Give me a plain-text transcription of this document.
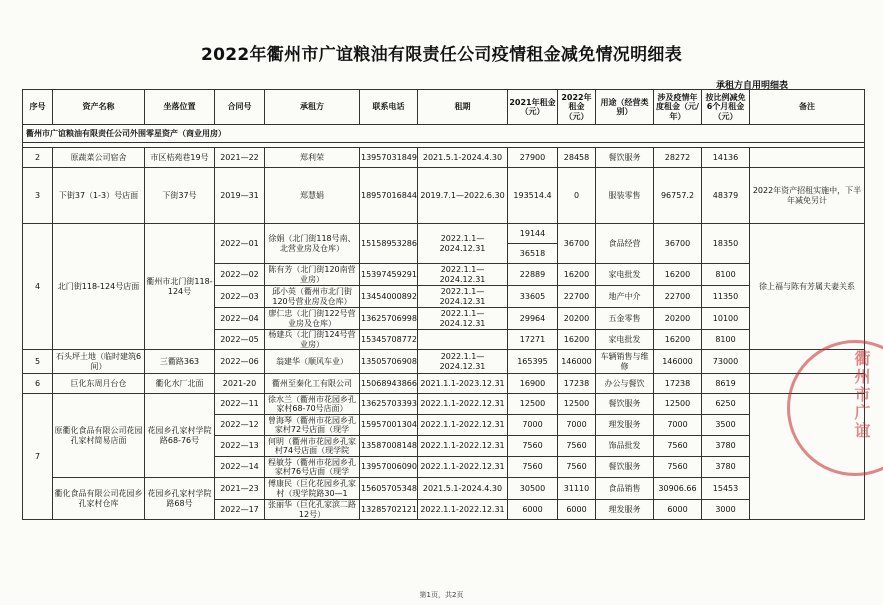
2022年衢州市广谊粮油有限责任公司疫情租金减免情况明细表
承租方自用明细表
序号	资产名称	坐落位置	合同号	承租方	联系电话	租期	2021年租金（元）	2022年租金（元）	用途（经营类别）	涉及疫情年度租金（元/年）	按比例减免6个月租金（元）	备注
衢州市广谊粮油有限责任公司外围零星资产（商业用房）												

2	原蔬菜公司宿舍	市区桔苑巷19号	2021—22	郑利荣	13957031849	2021.5.1-2024.4.30	27900	28458	餐饮服务	28272	14136	
3	下街37（1-3）号店面	下街37号	2019—31	郑慧娟	18957016844	2019.7.1—2022.6.30	193514.4	0	服装零售	96757.2	48379	2022年资产招租实施中，下半年减免另计
4	北门街118-124号店面	衢州市北门街118-124号	2022—01	徐娟（北门街118号南、北营业房及仓库）	15158953286	2022.1.1—2024.12.31	19144	36700	食品经营	36700	18350	徐上福与陈有芳属夫妻关系
							36518					
			2022—02	陈有芳（北门街120南营业房）	15397459291	2022.1.1—2024.12.31	22889	16200	家电批发	16200	8100	
			2022—03	邱小英（衢州市北门街120号营业房及仓库）	13454000892	2022.1.1—2024.12.31	33605	22700	地产中介	22700	11350	
			2022—04	廖仁忠（北门街122号营业房及仓库）	13625706998	2022.1.1—2024.12.31	29964	20200	五金零售	20200	10100	
			2022—05	杨建兵（北门街124号营业房）	15345708772		17271	16200	家电批发	16200	8100	
5	石头坪土地（临时建筑6间）	三衢路363	2022—06	翁建华（顺风车业）	13505706908	2022.1.1—2024.12.31	165395	146000	车辆销售与维修	146000	73000	
6	巨化东周月台仓	衢化水厂北面	2021-20	衢州至秦化工有限公司	15068943866	2021.1.1-2023.12.31	16900	17238	办公与餐饮	17238	8619	
7	原衢化食品有限公司花园孔家村简易店面	花园乡孔家村学院路68-76号	2022—11	徐水兰（衢州市花园乡孔家村68-70号店面）	13625703393	2022.1.1-2022.12.31	12500	12500	餐饮服务	12500	6250	
			2022—12	曾海琴（衢州市花园乡孔家村72号店面（现学	15957001304	2022.1.1-2022.12.31	7000	7000	理发服务	7000	3500	
			2022—13	何明（衢州市花园乡孔家村74号店面（现学院	13587008148	2022.1.1-2022.12.31	7560	7560	饰品批发	7560	3780	
			2022—14	程敏芬（衢州市花园乡孔家村76号店面（现学	13957006090	2022.1.1-2022.12.31	7560	7560	餐饮服务	7560	3780	
	衢化食品有限公司花园乡孔家村仓库	花园乡孔家村学院路68号	2021—23	傅康民（巨化花园乡孔家村（现学院路30—1	15605705348	2021.5.1-2024.4.30	30500	31110	食品销售	30906.66	15453	
			2022—17	张丽华（巨化孔家滨二路12号）	13285702121	2022.1.1-2022.12.31	6000	6000	理发服务	6000	3000	
衢州市广谊
第1页，共2页
